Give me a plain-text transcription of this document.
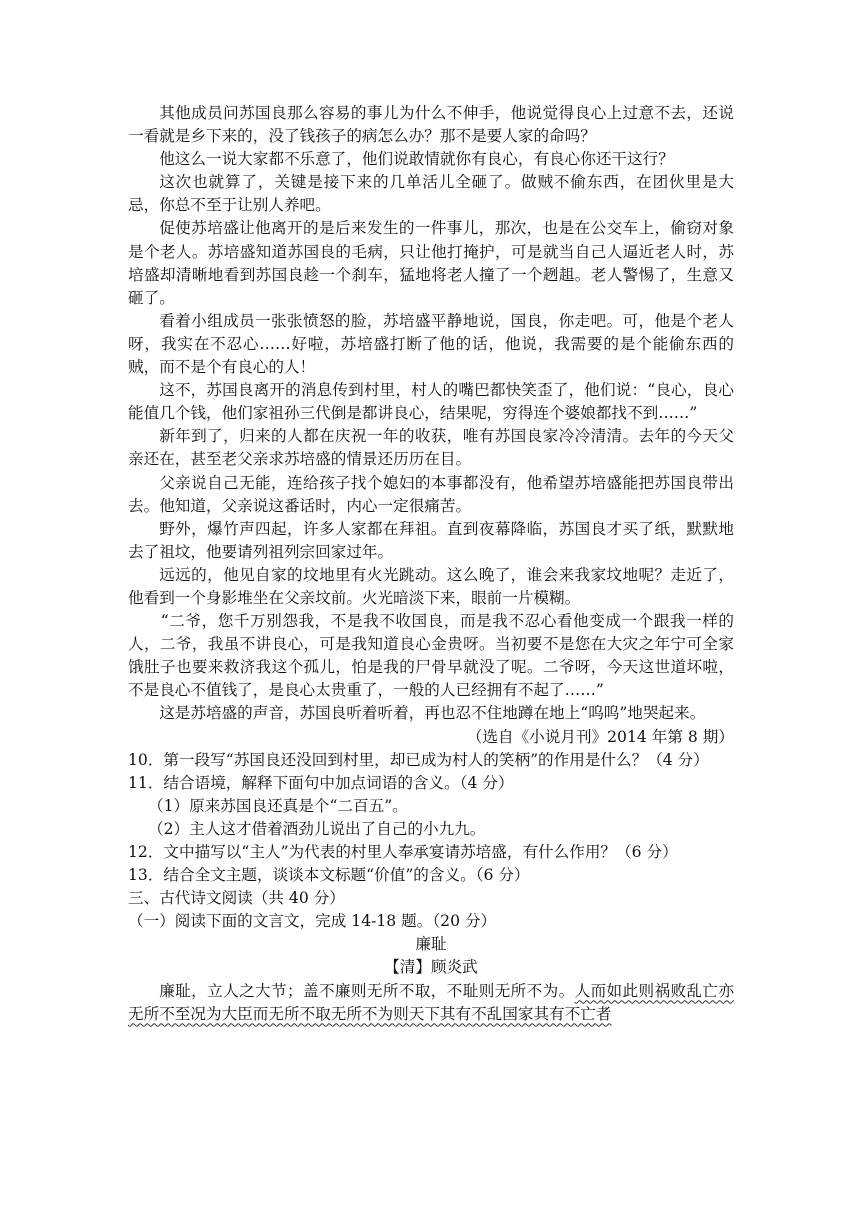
其他成员问苏国良那么容易的事儿为什么不伸手，他说觉得良心上过意不去，还说一看就是乡下来的，没了钱孩子的病怎么办？那不是要人家的命吗？

他这么一说大家都不乐意了，他们说敢情就你有良心，有良心你还干这行？

这次也就算了，关键是接下来的几单活儿全砸了。做贼不偷东西，在团伙里是大忌，你总不至于让别人养吧。

促使苏培盛让他离开的是后来发生的一件事儿，那次，也是在公交车上，偷窃对象是个老人。苏培盛知道苏国良的毛病，只让他打掩护，可是就当自己人逼近老人时，苏培盛却清晰地看到苏国良趁一个刹车，猛地将老人撞了一个趔趄。老人警惕了，生意又砸了。

看着小组成员一张张愤怒的脸，苏培盛平静地说，国良，你走吧。可，他是个老人呀，我实在不忍心……好啦，苏培盛打断了他的话，他说，我需要的是个能偷东西的贼，而不是个有良心的人！

这不，苏国良离开的消息传到村里，村人的嘴巴都快笑歪了，他们说：“良心，良心能值几个钱，他们家祖孙三代倒是都讲良心，结果呢，穷得连个婆娘都找不到……”

新年到了，归来的人都在庆祝一年的收获，唯有苏国良家冷冷清清。去年的今天父亲还在，甚至老父亲求苏培盛的情景还历历在目。

父亲说自己无能，连给孩子找个媳妇的本事都没有，他希望苏培盛能把苏国良带出去。他知道，父亲说这番话时，内心一定很痛苦。

野外，爆竹声四起，许多人家都在拜祖。直到夜幕降临，苏国良才买了纸，默默地去了祖坟，他要请列祖列宗回家过年。

远远的，他见自家的坟地里有火光跳动。这么晚了，谁会来我家坟地呢？走近了，他看到一个身影堆坐在父亲坟前。火光暗淡下来，眼前一片模糊。

“二爷，您千万别怨我，不是我不收国良，而是我不忍心看他变成一个跟我一样的人，二爷，我虽不讲良心，可是我知道良心金贵呀。当初要不是您在大灾之年宁可全家饿肚子也要来救济我这个孤儿，怕是我的尸骨早就没了呢。二爷呀，今天这世道坏啦，不是良心不值钱了，是良心太贵重了，一般的人已经拥有不起了……”

这是苏培盛的声音，苏国良听着听着，再也忍不住地蹲在地上“呜呜”地哭起来。

（选自《小说月刊》2014 年第 8 期）

10．第一段写“苏国良还没回到村里，却已成为村人的笑柄”的作用是什么？（4 分）

11．结合语境，解释下面句中加点词语的含义。（4 分）

（1）原来苏国良还真是个“二百五”。

（2）主人这才借着酒劲儿说出了自己的小九九。

12．文中描写以“主人”为代表的村里人奉承宴请苏培盛，有什么作用？（6 分）

13．结合全文主题，谈谈本文标题“价值”的含义。（6 分）

三、古代诗文阅读（共 40 分）

（一）阅读下面的文言文，完成 14-18 题。（20 分）

廉耻

【清】顾炎武

廉耻，立人之大节；盖不廉则无所不取，不耻则无所不为。人而如此则祸败乱亡亦无所不至况为大臣而无所不取无所不为则天下其有不乱国家其有不亡者
